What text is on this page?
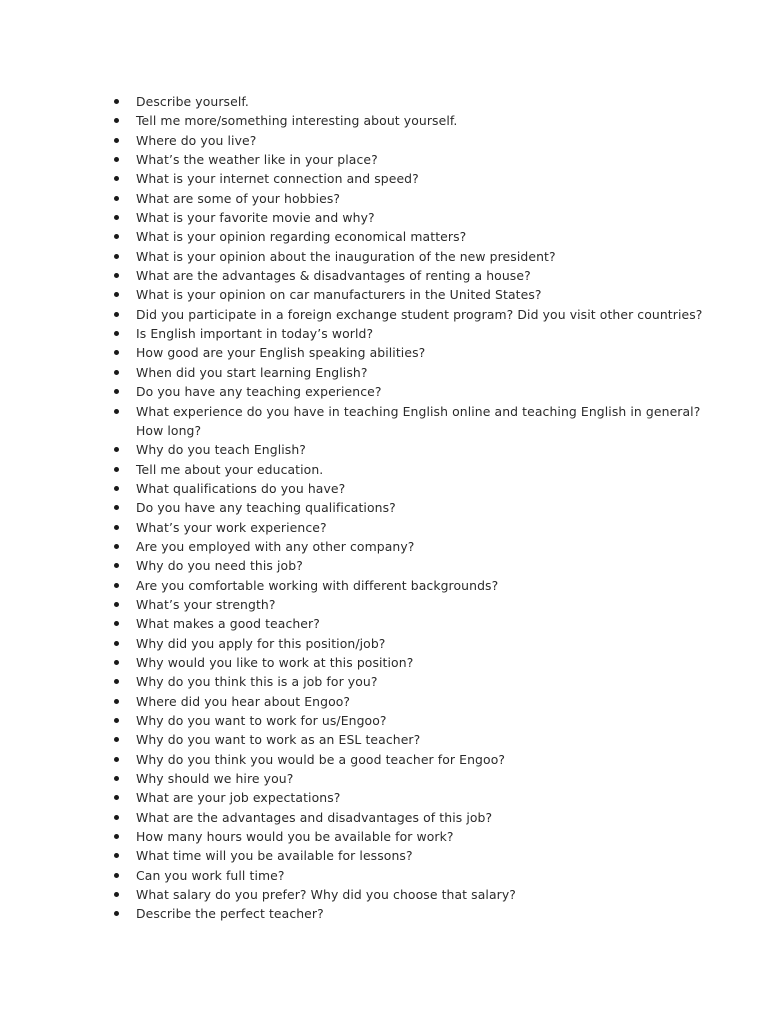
Describe yourself.
Tell me more/something interesting about yourself.
Where do you live?
What’s the weather like in your place?
What is your internet connection and speed?
What are some of your hobbies?
What is your favorite movie and why?
What is your opinion regarding economical matters?
What is your opinion about the inauguration of the new president?
What are the advantages & disadvantages of renting a house?
What is your opinion on car manufacturers in the United States?
Did you participate in a foreign exchange student program? Did you visit other countries?
Is English important in today’s world?
How good are your English speaking abilities?
When did you start learning English?
Do you have any teaching experience?
What experience do you have in teaching English online and teaching English in general? How long?
Why do you teach English?
Tell me about your education.
What qualifications do you have?
Do you have any teaching qualifications?
What’s your work experience?
Are you employed with any other company?
Why do you need this job?
Are you comfortable working with different backgrounds?
What’s your strength?
What makes a good teacher?
Why did you apply for this position/job?
Why would you like to work at this position?
Why do you think this is a job for you?
Where did you hear about Engoo?
Why do you want to work for us/Engoo?
Why do you want to work as an ESL teacher?
Why do you think you would be a good teacher for Engoo?
Why should we hire you?
What are your job expectations?
What are the advantages and disadvantages of this job?
How many hours would you be available for work?
What time will you be available for lessons?
Can you work full time?
What salary do you prefer? Why did you choose that salary?
Describe the perfect teacher?
